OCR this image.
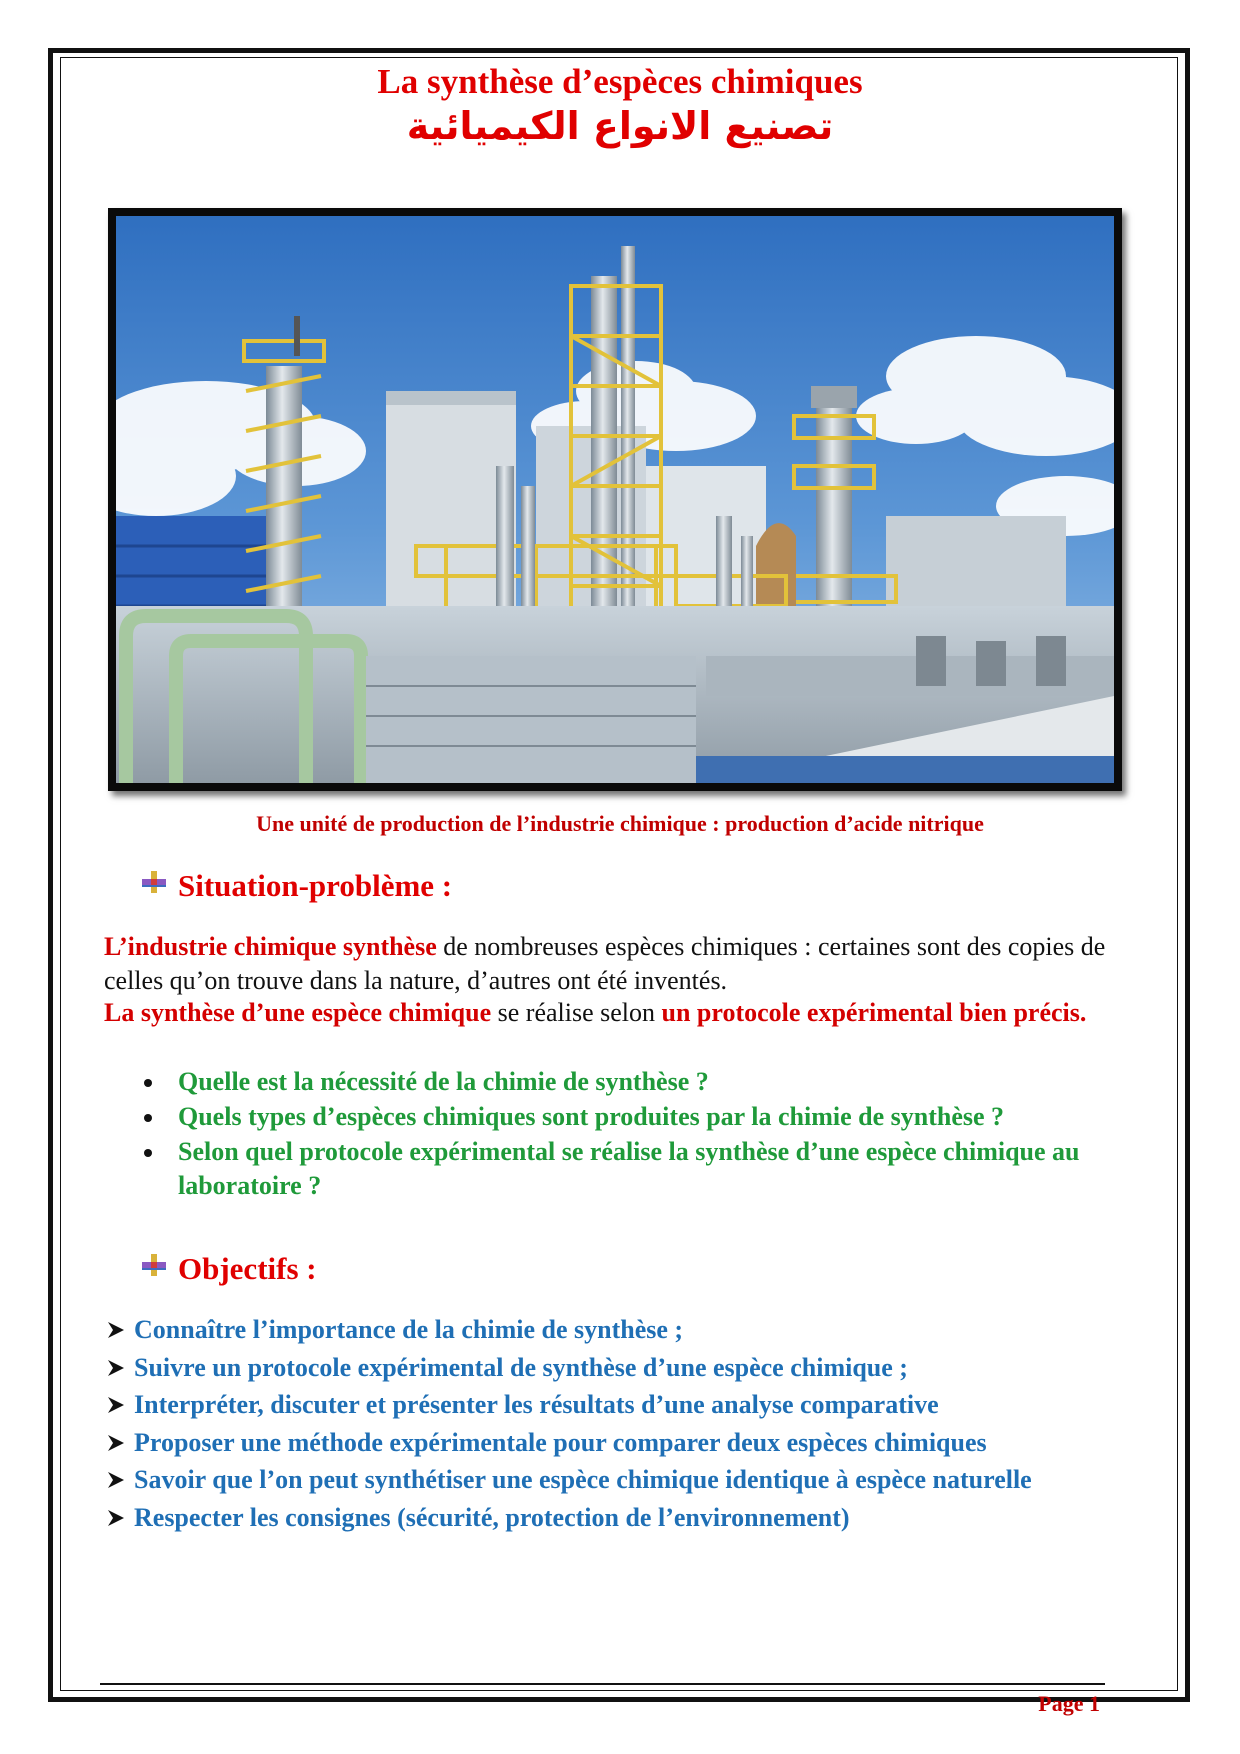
La synthèse d’espèces chimiques
تصنيع الانواع الكيميائية
Une unité de production de l’industrie chimique : production d’acide nitrique
Situation-problème :
L’industrie chimique synthèse de nombreuses espèces chimiques : certaines sont des copies de celles qu’on trouve dans la nature, d’autres ont été inventés.
La synthèse d’une espèce chimique se réalise selon un protocole expérimental bien précis.
Quelle est la nécessité de la chimie de synthèse ?
Quels types d’espèces chimiques sont produites par la chimie de synthèse ?
Selon quel protocole expérimental se réalise la synthèse d’une espèce chimique au laboratoire ?
Objectifs :
Connaître l’importance de la chimie de synthèse ;
Suivre un protocole expérimental de synthèse d’une espèce chimique ;
Interpréter, discuter et présenter les résultats d’une analyse comparative
Proposer une méthode expérimentale pour comparer deux espèces chimiques
Savoir que l’on peut synthétiser une espèce chimique identique à espèce naturelle
Respecter les consignes (sécurité, protection de l’environnement)
Page 1
